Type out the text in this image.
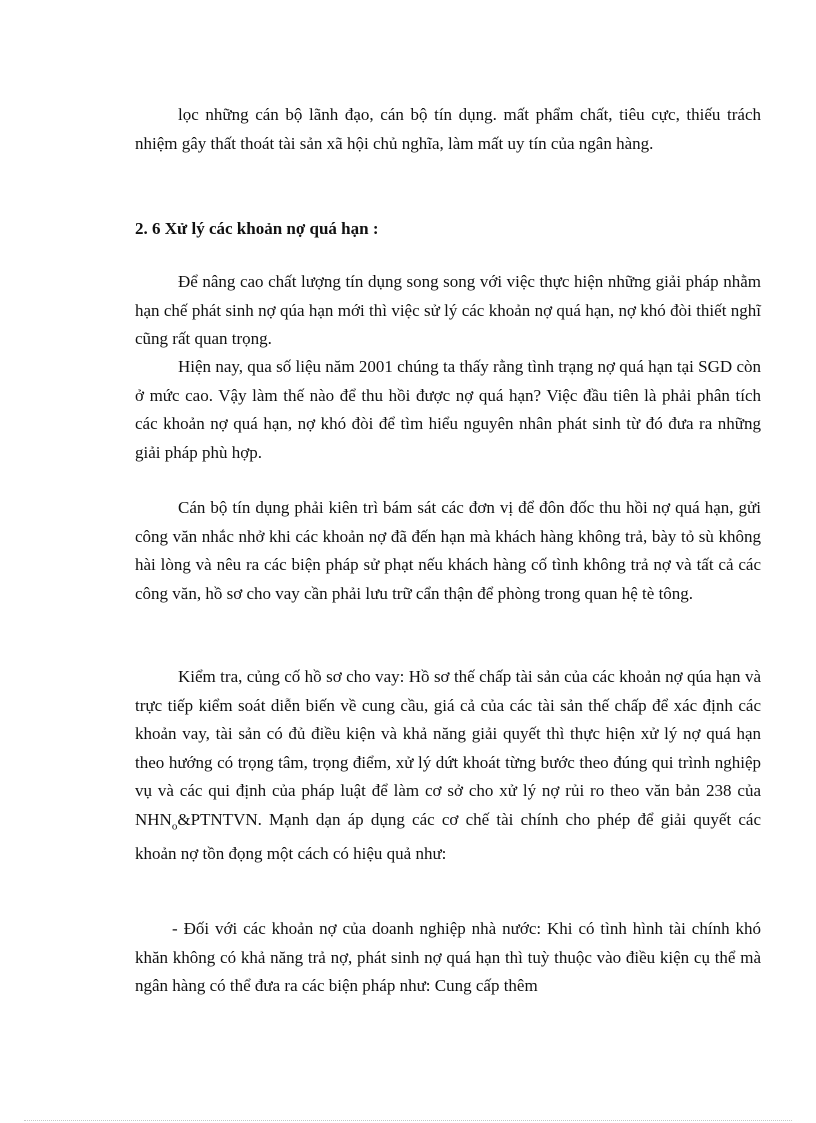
lọc những cán bộ lãnh đạo, cán bộ tín dụng. mất phẩm chất, tiêu cực, thiếu trách nhiệm gây thất thoát tài sản xã hội chủ nghĩa, làm mất uy tín của ngân hàng.
2. 6 Xử lý các khoản nợ quá hạn :
Để nâng cao chất lượng tín dụng song song với việc thực hiện những giải pháp nhằm hạn chế phát sinh nợ qúa hạn mới thì việc sử lý các khoản nợ quá hạn, nợ khó đòi thiết nghĩ cũng rất quan trọng.
Hiện nay, qua số liệu năm 2001 chúng ta thấy rằng tình trạng nợ quá hạn tại SGD còn ở mức cao. Vậy làm thế nào để thu hồi được nợ quá hạn? Việc đầu tiên là phải phân tích các khoản nợ quá hạn, nợ khó đòi để tìm hiểu nguyên nhân phát sinh từ đó đưa ra những giải pháp phù hợp.
Cán bộ tín dụng phải kiên trì bám sát các đơn vị để đôn đốc thu hồi nợ quá hạn, gửi công văn nhắc nhở khi các khoản nợ đã đến hạn mà khách hàng không trả, bày tỏ sù không hài lòng và nêu ra các biện pháp sử phạt nếu khách hàng cố tình không trả nợ và tất cả các công văn, hồ sơ cho vay cần phải lưu trữ cẩn thận để phòng trong quan hệ tè tông.
Kiểm tra, củng cố hồ sơ cho vay: Hồ sơ thế chấp tài sản của các khoản nợ qúa hạn và trực tiếp kiểm soát diễn biến về cung cầu, giá cả của các tài sản thế chấp để xác định các khoản vay, tài sản có đủ điều kiện và khả năng giải quyết thì thực hiện xử lý nợ quá hạn theo hướng có trọng tâm, trọng điểm, xử lý dứt khoát từng bước theo đúng qui trình nghiệp vụ và các qui định của pháp luật để làm cơ sở cho xử lý nợ rủi ro theo văn bản 238 của $NHN_o\&PTNTVN$. Mạnh dạn áp dụng các cơ chế tài chính cho phép để giải quyết các khoản nợ tồn đọng một cách có hiệu quả như:
- Đối với các khoản nợ của doanh nghiệp nhà nước: Khi có tình hình tài chính khó khăn không có khả năng trả nợ, phát sinh nợ quá hạn thì tuỳ thuộc vào điều kiện cụ thể mà ngân hàng có thể đưa ra các biện pháp như: Cung cấp thêm
